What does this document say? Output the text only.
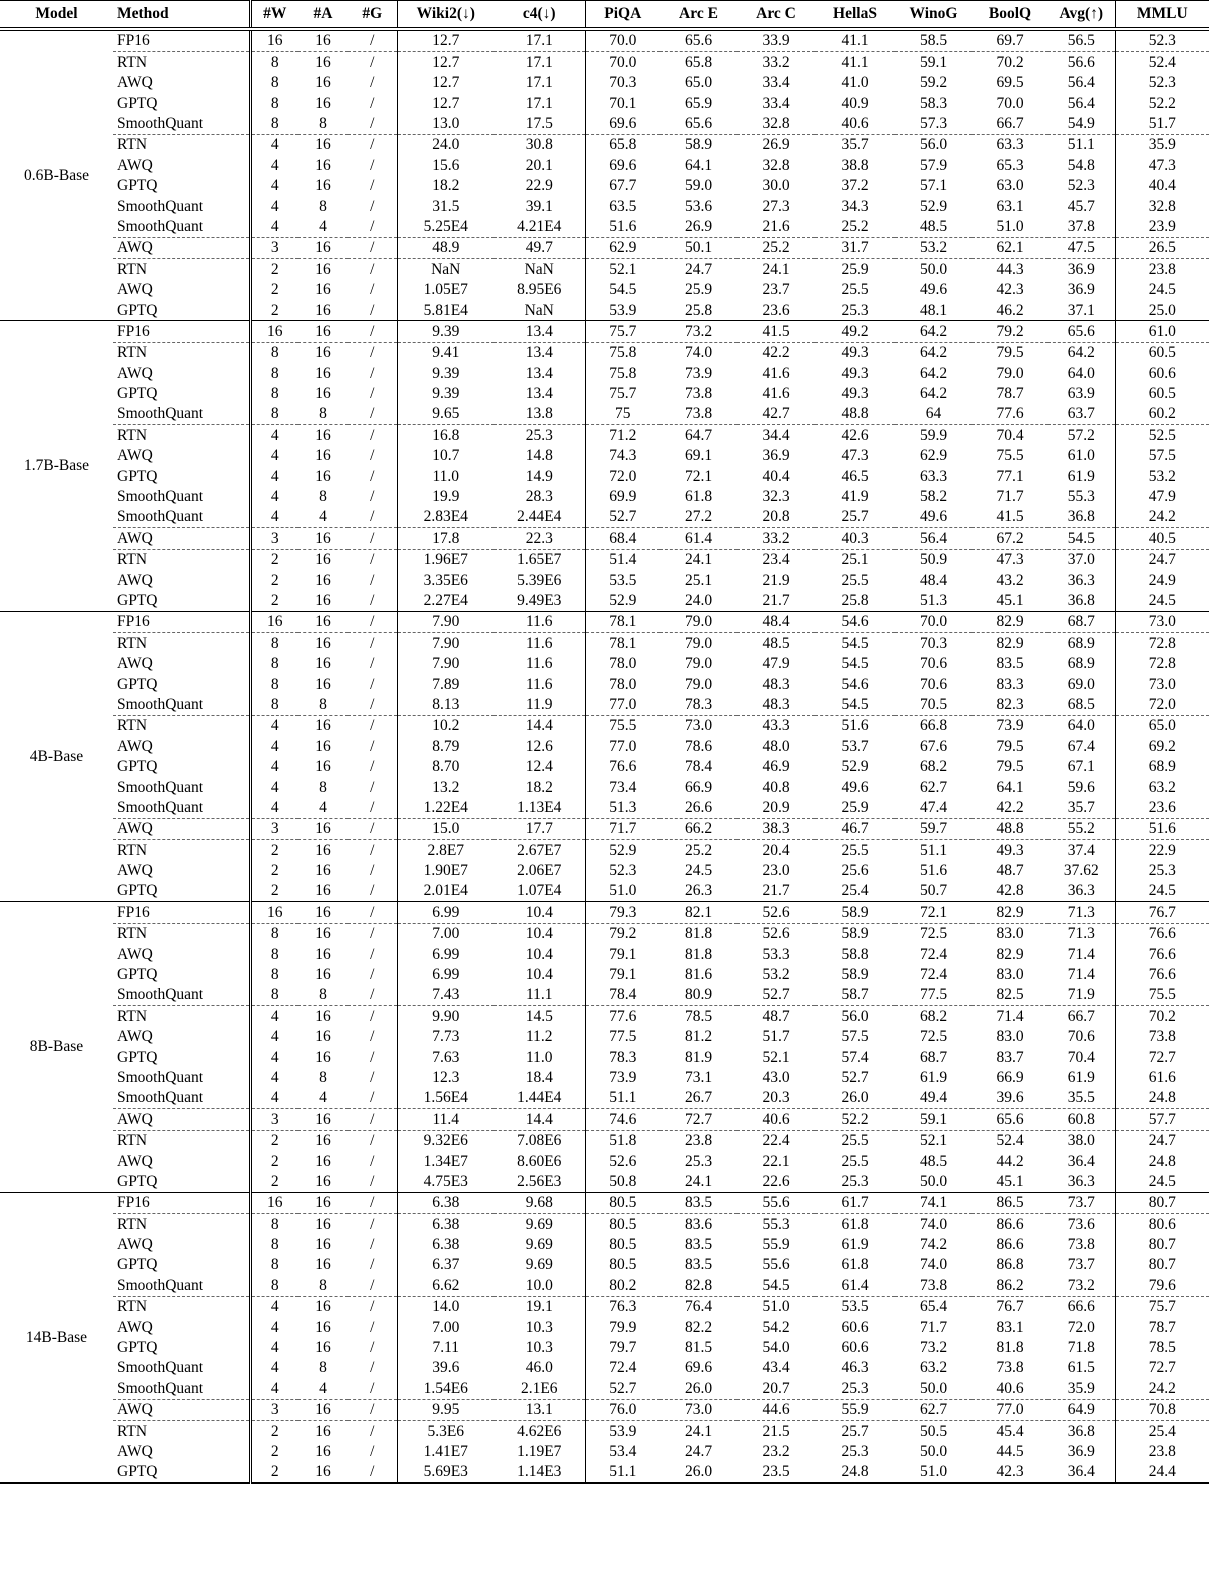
Model	Method	#W	#A	#G	Wiki2(↓)	c4(↓)	PiQA	Arc E	Arc C	HellaS	WinoG	BoolQ	Avg(↑)	MMLU
0.6B-Base	FP16	16	16	/	12.7	17.1	70.0	65.6	33.9	41.1	58.5	69.7	56.5	52.3
	RTN	8	16	/	12.7	17.1	70.0	65.8	33.2	41.1	59.1	70.2	56.6	52.4
	AWQ	8	16	/	12.7	17.1	70.3	65.0	33.4	41.0	59.2	69.5	56.4	52.3
	GPTQ	8	16	/	12.7	17.1	70.1	65.9	33.4	40.9	58.3	70.0	56.4	52.2
	SmoothQuant	8	8	/	13.0	17.5	69.6	65.6	32.8	40.6	57.3	66.7	54.9	51.7
	RTN	4	16	/	24.0	30.8	65.8	58.9	26.9	35.7	56.0	63.3	51.1	35.9
	AWQ	4	16	/	15.6	20.1	69.6	64.1	32.8	38.8	57.9	65.3	54.8	47.3
	GPTQ	4	16	/	18.2	22.9	67.7	59.0	30.0	37.2	57.1	63.0	52.3	40.4
	SmoothQuant	4	8	/	31.5	39.1	63.5	53.6	27.3	34.3	52.9	63.1	45.7	32.8
	SmoothQuant	4	4	/	5.25E4	4.21E4	51.6	26.9	21.6	25.2	48.5	51.0	37.8	23.9
	AWQ	3	16	/	48.9	49.7	62.9	50.1	25.2	31.7	53.2	62.1	47.5	26.5
	RTN	2	16	/	NaN	NaN	52.1	24.7	24.1	25.9	50.0	44.3	36.9	23.8
	AWQ	2	16	/	1.05E7	8.95E6	54.5	25.9	23.7	25.5	49.6	42.3	36.9	24.5
	GPTQ	2	16	/	5.81E4	NaN	53.9	25.8	23.6	25.3	48.1	46.2	37.1	25.0
1.7B-Base	FP16	16	16	/	9.39	13.4	75.7	73.2	41.5	49.2	64.2	79.2	65.6	61.0
	RTN	8	16	/	9.41	13.4	75.8	74.0	42.2	49.3	64.2	79.5	64.2	60.5
	AWQ	8	16	/	9.39	13.4	75.8	73.9	41.6	49.3	64.2	79.0	64.0	60.6
	GPTQ	8	16	/	9.39	13.4	75.7	73.8	41.6	49.3	64.2	78.7	63.9	60.5
	SmoothQuant	8	8	/	9.65	13.8	75	73.8	42.7	48.8	64	77.6	63.7	60.2
	RTN	4	16	/	16.8	25.3	71.2	64.7	34.4	42.6	59.9	70.4	57.2	52.5
	AWQ	4	16	/	10.7	14.8	74.3	69.1	36.9	47.3	62.9	75.5	61.0	57.5
	GPTQ	4	16	/	11.0	14.9	72.0	72.1	40.4	46.5	63.3	77.1	61.9	53.2
	SmoothQuant	4	8	/	19.9	28.3	69.9	61.8	32.3	41.9	58.2	71.7	55.3	47.9
	SmoothQuant	4	4	/	2.83E4	2.44E4	52.7	27.2	20.8	25.7	49.6	41.5	36.8	24.2
	AWQ	3	16	/	17.8	22.3	68.4	61.4	33.2	40.3	56.4	67.2	54.5	40.5
	RTN	2	16	/	1.96E7	1.65E7	51.4	24.1	23.4	25.1	50.9	47.3	37.0	24.7
	AWQ	2	16	/	3.35E6	5.39E6	53.5	25.1	21.9	25.5	48.4	43.2	36.3	24.9
	GPTQ	2	16	/	2.27E4	9.49E3	52.9	24.0	21.7	25.8	51.3	45.1	36.8	24.5
4B-Base	FP16	16	16	/	7.90	11.6	78.1	79.0	48.4	54.6	70.0	82.9	68.7	73.0
	RTN	8	16	/	7.90	11.6	78.1	79.0	48.5	54.5	70.3	82.9	68.9	72.8
	AWQ	8	16	/	7.90	11.6	78.0	79.0	47.9	54.5	70.6	83.5	68.9	72.8
	GPTQ	8	16	/	7.89	11.6	78.0	79.0	48.3	54.6	70.6	83.3	69.0	73.0
	SmoothQuant	8	8	/	8.13	11.9	77.0	78.3	48.3	54.5	70.5	82.3	68.5	72.0
	RTN	4	16	/	10.2	14.4	75.5	73.0	43.3	51.6	66.8	73.9	64.0	65.0
	AWQ	4	16	/	8.79	12.6	77.0	78.6	48.0	53.7	67.6	79.5	67.4	69.2
	GPTQ	4	16	/	8.70	12.4	76.6	78.4	46.9	52.9	68.2	79.5	67.1	68.9
	SmoothQuant	4	8	/	13.2	18.2	73.4	66.9	40.8	49.6	62.7	64.1	59.6	63.2
	SmoothQuant	4	4	/	1.22E4	1.13E4	51.3	26.6	20.9	25.9	47.4	42.2	35.7	23.6
	AWQ	3	16	/	15.0	17.7	71.7	66.2	38.3	46.7	59.7	48.8	55.2	51.6
	RTN	2	16	/	2.8E7	2.67E7	52.9	25.2	20.4	25.5	51.1	49.3	37.4	22.9
	AWQ	2	16	/	1.90E7	2.06E7	52.3	24.5	23.0	25.6	51.6	48.7	37.62	25.3
	GPTQ	2	16	/	2.01E4	1.07E4	51.0	26.3	21.7	25.4	50.7	42.8	36.3	24.5
8B-Base	FP16	16	16	/	6.99	10.4	79.3	82.1	52.6	58.9	72.1	82.9	71.3	76.7
	RTN	8	16	/	7.00	10.4	79.2	81.8	52.6	58.9	72.5	83.0	71.3	76.6
	AWQ	8	16	/	6.99	10.4	79.1	81.8	53.3	58.8	72.4	82.9	71.4	76.6
	GPTQ	8	16	/	6.99	10.4	79.1	81.6	53.2	58.9	72.4	83.0	71.4	76.6
	SmoothQuant	8	8	/	7.43	11.1	78.4	80.9	52.7	58.7	77.5	82.5	71.9	75.5
	RTN	4	16	/	9.90	14.5	77.6	78.5	48.7	56.0	68.2	71.4	66.7	70.2
	AWQ	4	16	/	7.73	11.2	77.5	81.2	51.7	57.5	72.5	83.0	70.6	73.8
	GPTQ	4	16	/	7.63	11.0	78.3	81.9	52.1	57.4	68.7	83.7	70.4	72.7
	SmoothQuant	4	8	/	12.3	18.4	73.9	73.1	43.0	52.7	61.9	66.9	61.9	61.6
	SmoothQuant	4	4	/	1.56E4	1.44E4	51.1	26.7	20.3	26.0	49.4	39.6	35.5	24.8
	AWQ	3	16	/	11.4	14.4	74.6	72.7	40.6	52.2	59.1	65.6	60.8	57.7
	RTN	2	16	/	9.32E6	7.08E6	51.8	23.8	22.4	25.5	52.1	52.4	38.0	24.7
	AWQ	2	16	/	1.34E7	8.60E6	52.6	25.3	22.1	25.5	48.5	44.2	36.4	24.8
	GPTQ	2	16	/	4.75E3	2.56E3	50.8	24.1	22.6	25.3	50.0	45.1	36.3	24.5
14B-Base	FP16	16	16	/	6.38	9.68	80.5	83.5	55.6	61.7	74.1	86.5	73.7	80.7
	RTN	8	16	/	6.38	9.69	80.5	83.6	55.3	61.8	74.0	86.6	73.6	80.6
	AWQ	8	16	/	6.38	9.69	80.5	83.5	55.9	61.9	74.2	86.6	73.8	80.7
	GPTQ	8	16	/	6.37	9.69	80.5	83.5	55.6	61.8	74.0	86.8	73.7	80.7
	SmoothQuant	8	8	/	6.62	10.0	80.2	82.8	54.5	61.4	73.8	86.2	73.2	79.6
	RTN	4	16	/	14.0	19.1	76.3	76.4	51.0	53.5	65.4	76.7	66.6	75.7
	AWQ	4	16	/	7.00	10.3	79.9	82.2	54.2	60.6	71.7	83.1	72.0	78.7
	GPTQ	4	16	/	7.11	10.3	79.7	81.5	54.0	60.6	73.2	81.8	71.8	78.5
	SmoothQuant	4	8	/	39.6	46.0	72.4	69.6	43.4	46.3	63.2	73.8	61.5	72.7
	SmoothQuant	4	4	/	1.54E6	2.1E6	52.7	26.0	20.7	25.3	50.0	40.6	35.9	24.2
	AWQ	3	16	/	9.95	13.1	76.0	73.0	44.6	55.9	62.7	77.0	64.9	70.8
	RTN	2	16	/	5.3E6	4.62E6	53.9	24.1	21.5	25.7	50.5	45.4	36.8	25.4
	AWQ	2	16	/	1.41E7	1.19E7	53.4	24.7	23.2	25.3	50.0	44.5	36.9	23.8
	GPTQ	2	16	/	5.69E3	1.14E3	51.1	26.0	23.5	24.8	51.0	42.3	36.4	24.4
